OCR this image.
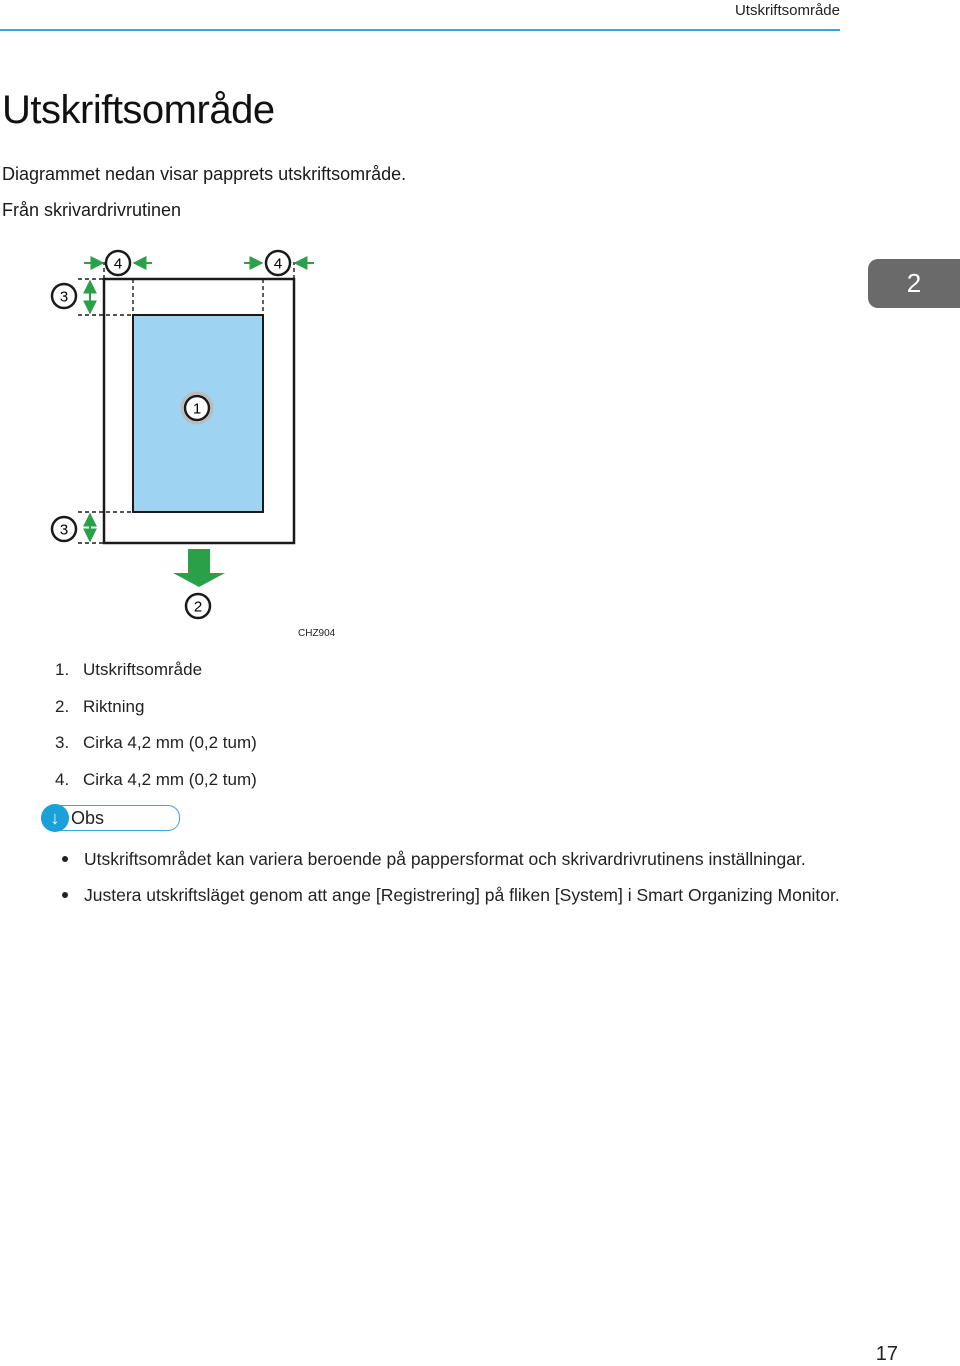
Utskriftsområde
2
Utskriftsområde
Diagrammet nedan visar papprets utskriftsområde.
Från skrivardrivrutinen
4	4
3
3
1
2
CHZ904
1. Utskriftsområde
2. Riktning
3. Cirka 4,2 mm (0,2 tum)
4. Cirka 4,2 mm (0,2 tum)
↓ Obs
Utskriftsområdet kan variera beroende på pappersformat och skrivardrivrutinens inställningar.
Justera utskriftsläget genom att ange [Registrering] på fliken [System] i Smart Organizing Monitor.
17
